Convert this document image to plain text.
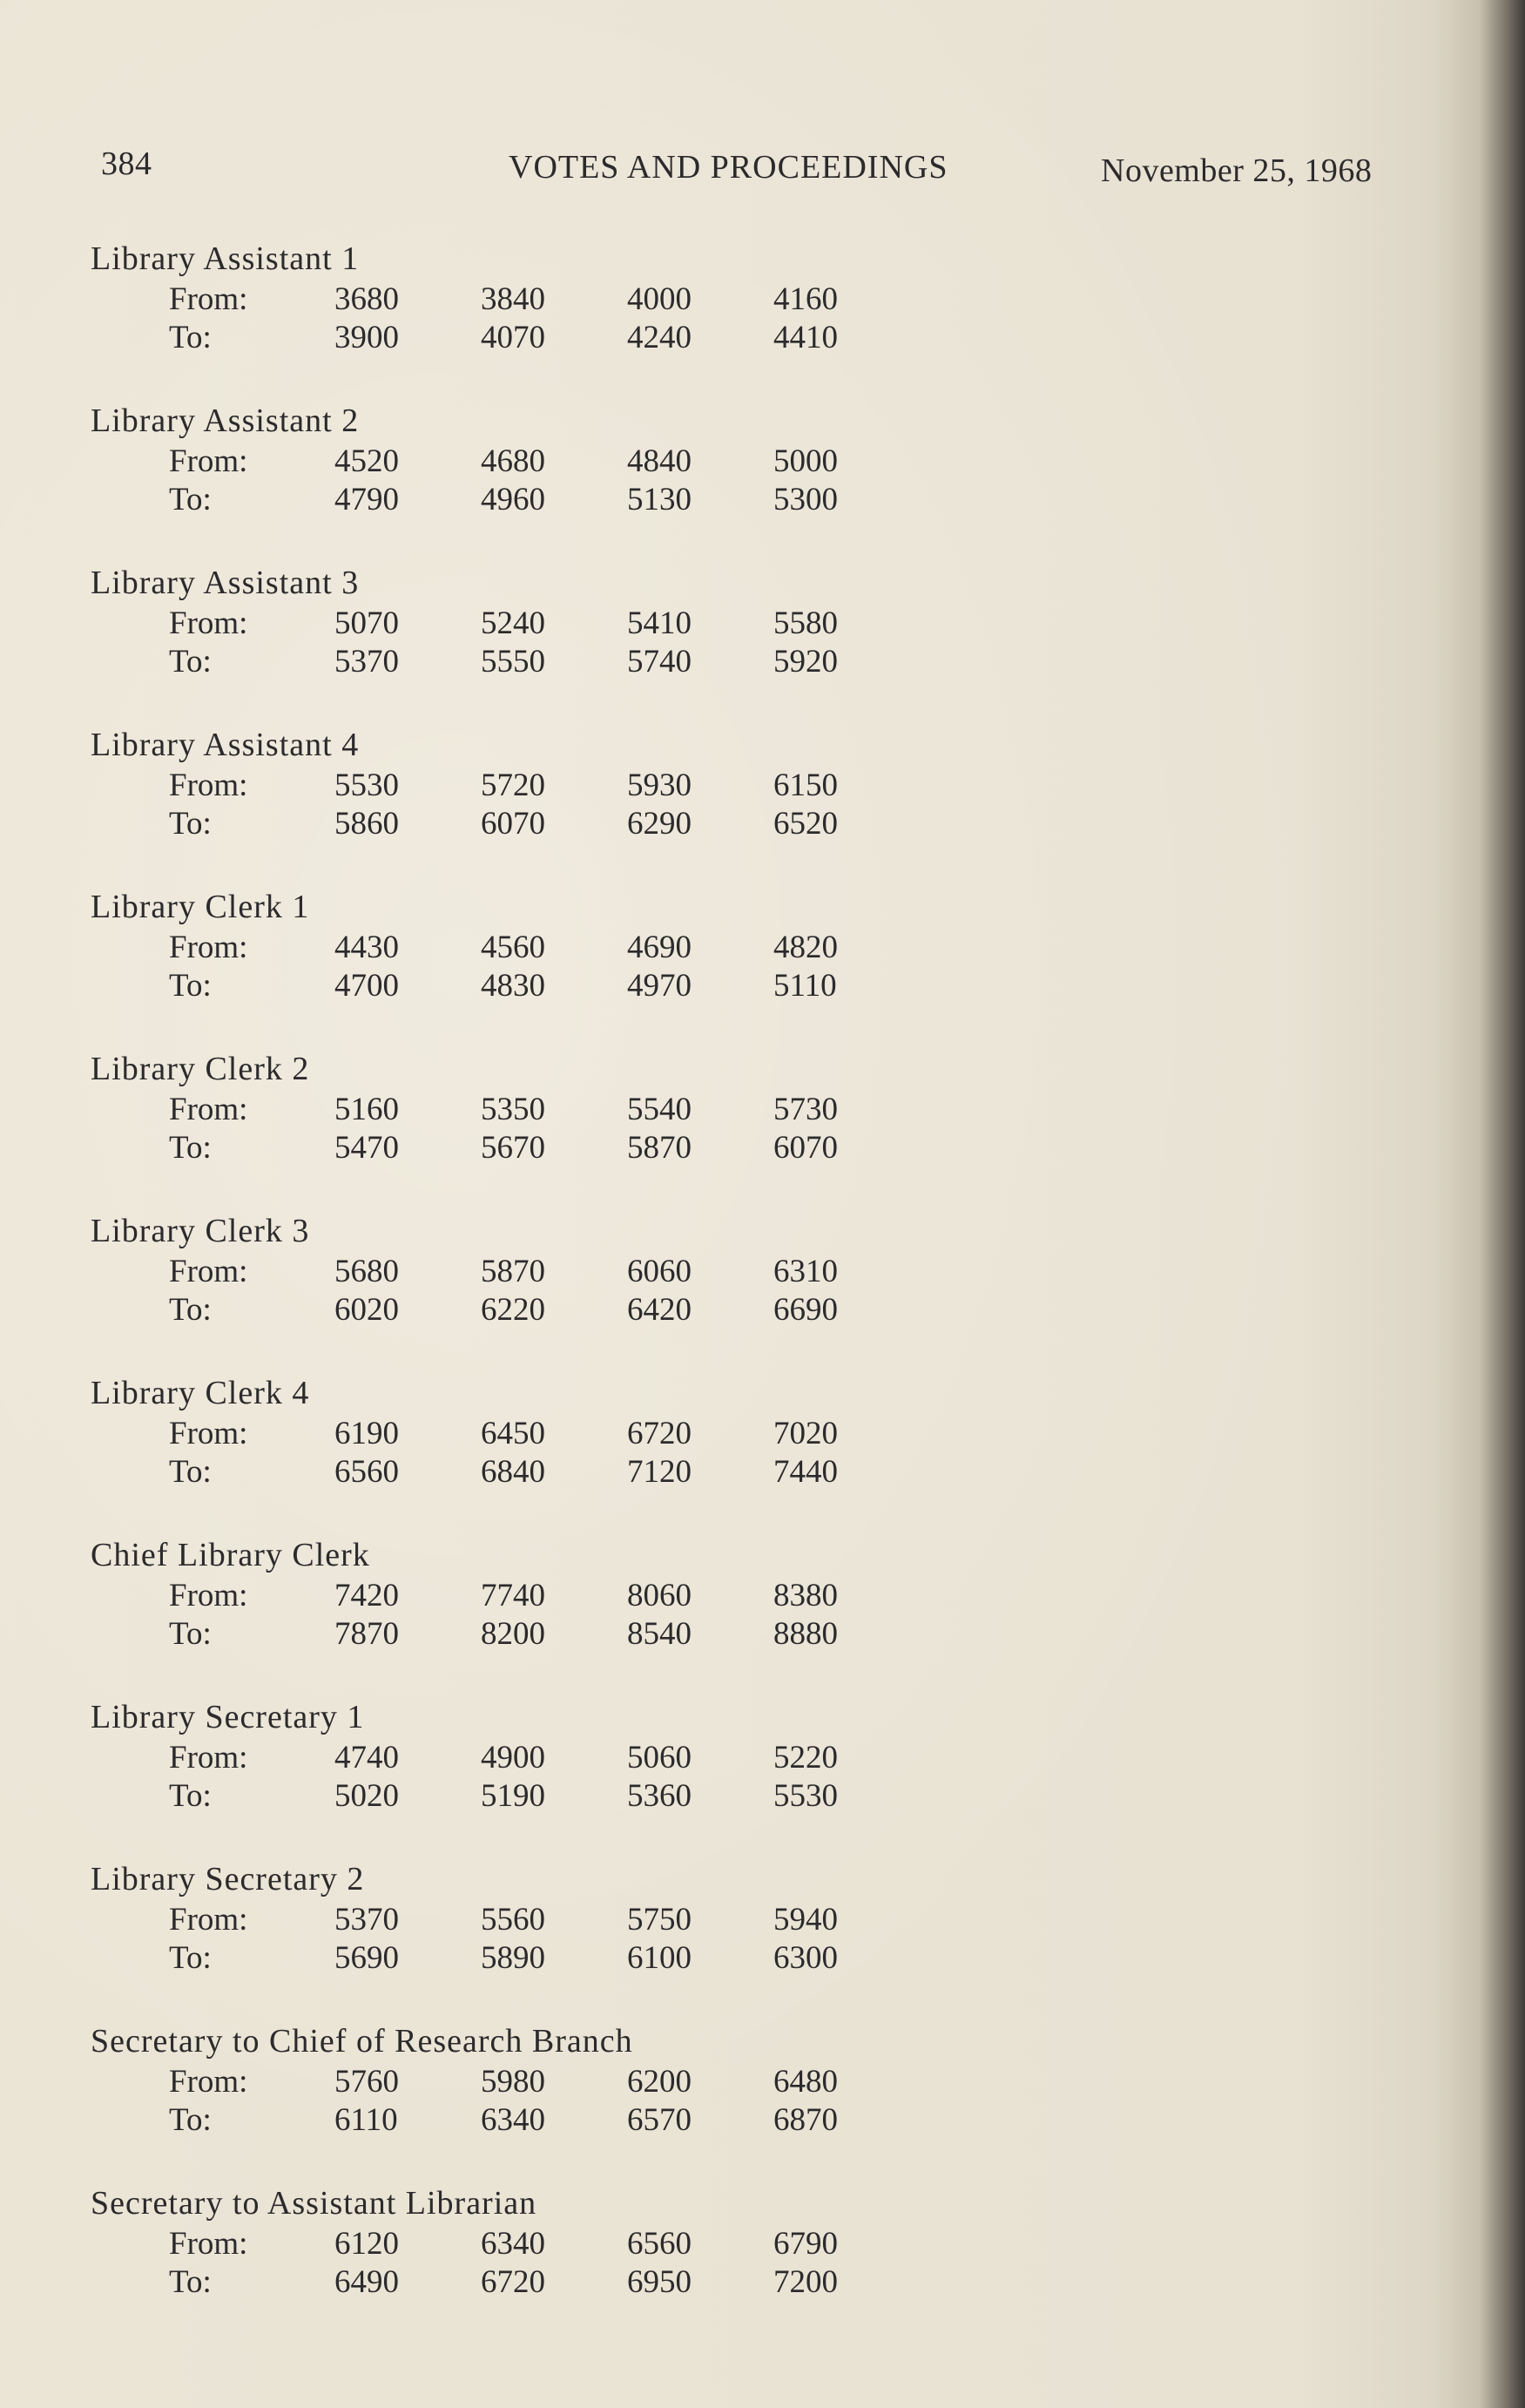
384	VOTES AND PROCEEDINGS	November 25, 1968
Library Assistant 1
From:	3680	3840	4000	4160
To:	3900	4070	4240	4410
Library Assistant 2
From:	4520	4680	4840	5000
To:	4790	4960	5130	5300
Library Assistant 3
From:	5070	5240	5410	5580
To:	5370	5550	5740	5920
Library Assistant 4
From:	5530	5720	5930	6150
To:	5860	6070	6290	6520
Library Clerk 1
From:	4430	4560	4690	4820
To:	4700	4830	4970	5110
Library Clerk 2
From:	5160	5350	5540	5730
To:	5470	5670	5870	6070
Library Clerk 3
From:	5680	5870	6060	6310
To:	6020	6220	6420	6690
Library Clerk 4
From:	6190	6450	6720	7020
To:	6560	6840	7120	7440
Chief Library Clerk
From:	7420	7740	8060	8380
To:	7870	8200	8540	8880
Library Secretary 1
From:	4740	4900	5060	5220
To:	5020	5190	5360	5530
Library Secretary 2
From:	5370	5560	5750	5940
To:	5690	5890	6100	6300
Secretary to Chief of Research Branch
From:	5760	5980	6200	6480
To:	6110	6340	6570	6870
Secretary to Assistant Librarian
From:	6120	6340	6560	6790
To:	6490	6720	6950	7200
